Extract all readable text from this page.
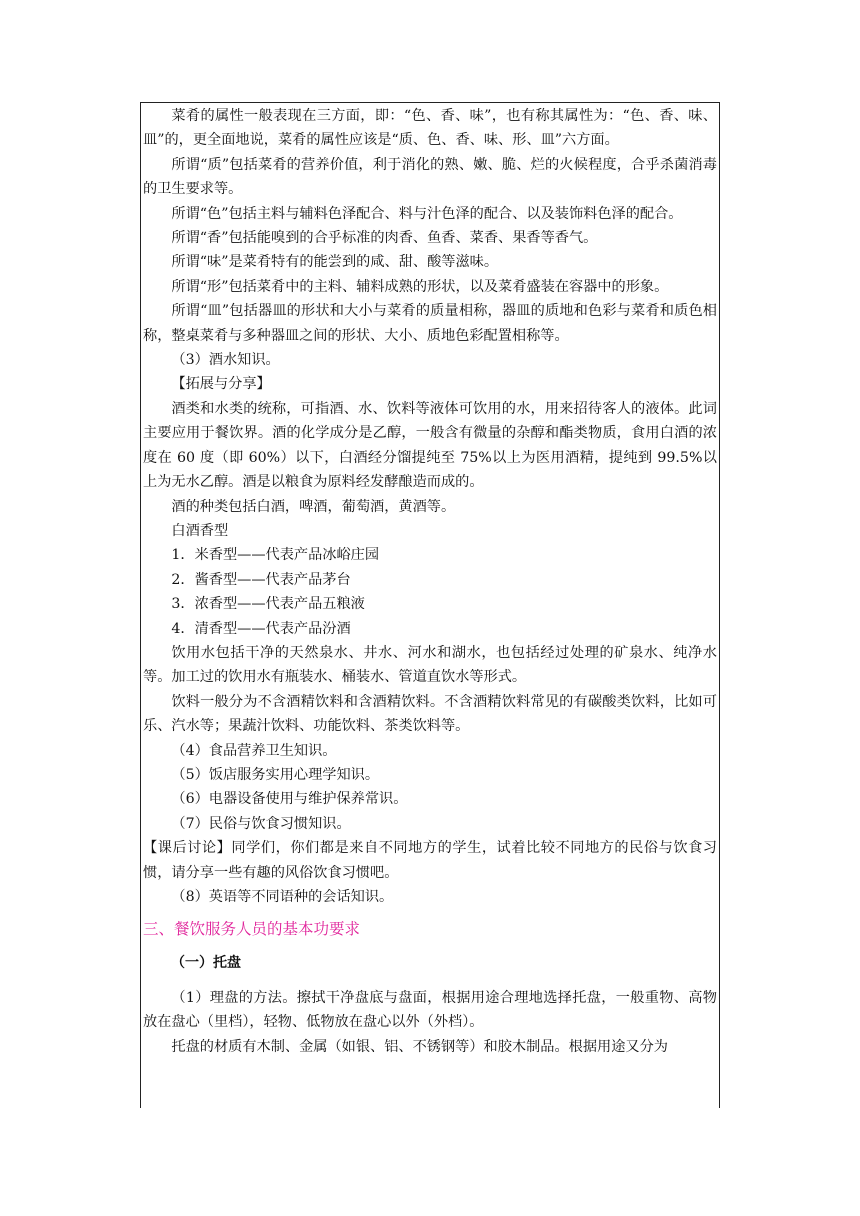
菜肴的属性一般表现在三方面，即：“色、香、味”，也有称其属性为：“色、香、味、皿”的，更全面地说，菜肴的属性应该是“质、色、香、味、形、皿”六方面。

所谓“质”包括菜肴的营养价值，利于消化的熟、嫩、脆、烂的火候程度，合乎杀菌消毒的卫生要求等。

所谓“色”包括主料与辅料色泽配合、料与汁色泽的配合、以及装饰料色泽的配合。

所谓“香”包括能嗅到的合乎标准的肉香、鱼香、菜香、果香等香气。

所谓“味”是菜肴特有的能尝到的咸、甜、酸等滋味。

所谓“形”包括菜肴中的主料、辅料成熟的形状，以及菜肴盛装在容器中的形象。

所谓“皿”包括器皿的形状和大小与菜肴的质量相称，器皿的质地和色彩与菜肴和质色相称，整桌菜肴与多种器皿之间的形状、大小、质地色彩配置相称等。

（3）酒水知识。

【拓展与分享】

酒类和水类的统称，可指酒、水、饮料等液体可饮用的水，用来招待客人的液体。此词主要应用于餐饮界。酒的化学成分是乙醇，一般含有微量的杂醇和酯类物质，食用白酒的浓度在 60 度（即 60%）以下，白酒经分馏提纯至 75%以上为医用酒精，提纯到 99.5%以上为无水乙醇。酒是以粮食为原料经发酵酿造而成的。

酒的种类包括白酒，啤酒，葡萄酒，黄酒等。

白酒香型

1．米香型——代表产品冰峪庄园

2．酱香型——代表产品茅台

3．浓香型——代表产品五粮液

4．清香型——代表产品汾酒

饮用水包括干净的天然泉水、井水、河水和湖水，也包括经过处理的矿泉水、纯净水等。加工过的饮用水有瓶装水、桶装水、管道直饮水等形式。

饮料一般分为不含酒精饮料和含酒精饮料。不含酒精饮料常见的有碳酸类饮料，比如可乐、汽水等；果蔬汁饮料、功能饮料、茶类饮料等。

（4）食品营养卫生知识。

（5）饭店服务实用心理学知识。

（6）电器设备使用与维护保养常识。

（7）民俗与饮食习惯知识。

【课后讨论】同学们，你们都是来自不同地方的学生，试着比较不同地方的民俗与饮食习惯，请分享一些有趣的风俗饮食习惯吧。

（8）英语等不同语种的会话知识。

三、餐饮服务人员的基本功要求

（一）托盘

（1）理盘的方法。擦拭干净盘底与盘面，根据用途合理地选择托盘，一般重物、高物放在盘心（里档），轻物、低物放在盘心以外（外档）。

托盘的材质有木制、金属（如银、铝、不锈钢等）和胶木制品。根据用途又分为
